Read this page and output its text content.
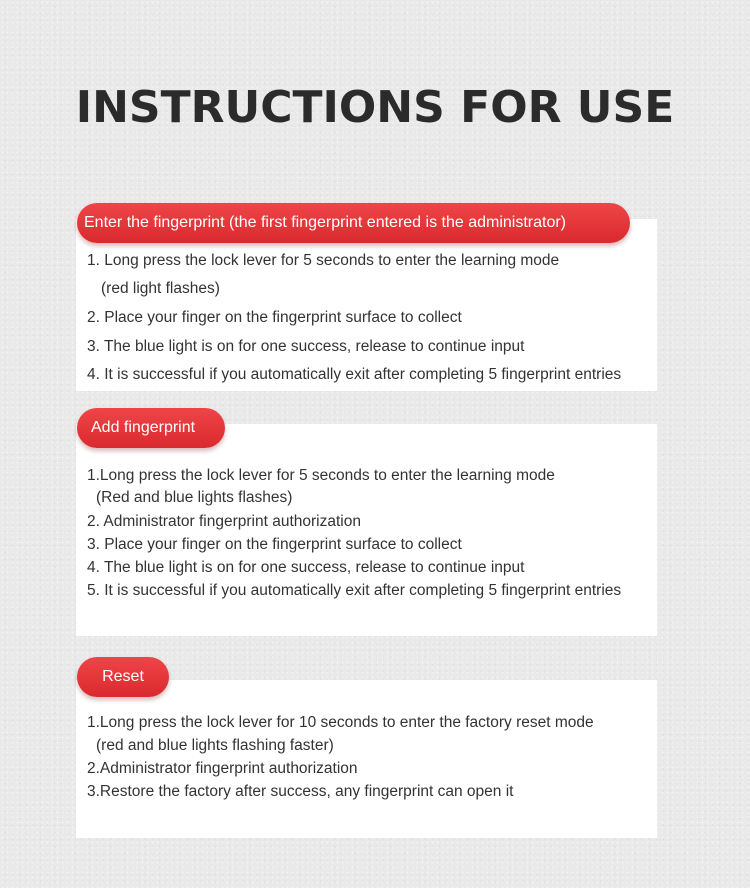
INSTRUCTIONS FOR USE
Enter the fingerprint (the first fingerprint entered is the administrator)
1. Long press the lock lever for 5 seconds to enter the learning mode
(red light flashes)
2. Place your finger on the fingerprint surface to collect
3. The blue light is on for one success, release to continue input
4. It is successful if you automatically exit after completing 5 fingerprint entries
Add fingerprint
1.Long press the lock lever for 5 seconds to enter the learning mode
(Red and blue lights flashes)
2. Administrator fingerprint authorization
3. Place your finger on the fingerprint surface to collect
4. The blue light is on for one success, release to continue input
5. It is successful if you automatically exit after completing 5 fingerprint entries
Reset
1.Long press the lock lever for 10 seconds to enter the factory reset mode
(red and blue lights flashing faster)
2.Administrator fingerprint authorization
3.Restore the factory after success, any fingerprint can open it
